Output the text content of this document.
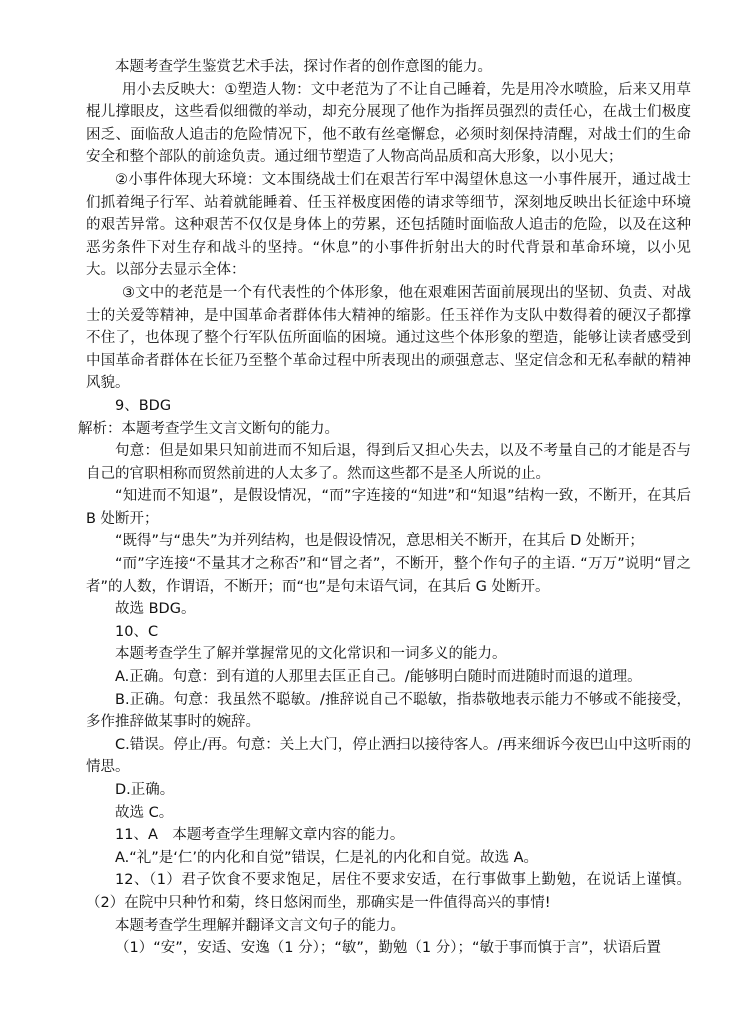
本题考查学生鉴赏艺术手法，探讨作者的创作意图的能力。

用小去反映大：①塑造人物：文中老范为了不让自己睡着，先是用冷水喷脸，后来又用草棍儿撑眼皮，这些看似细微的举动，却充分展现了他作为指挥员强烈的责任心，在战士们极度困乏、面临敌人追击的危险情况下，他不敢有丝毫懈怠，必须时刻保持清醒，对战士们的生命安全和整个部队的前途负责。通过细节塑造了人物高尚品质和高大形象，以小见大；

②小事件体现大环境：文本围绕战士们在艰苦行军中渴望休息这一小事件展开，通过战士们抓着绳子行军、站着就能睡着、任玉祥极度困倦的请求等细节，深刻地反映出长征途中环境的艰苦异常。这种艰苦不仅仅是身体上的劳累，还包括随时面临敌人追击的危险，以及在这种恶劣条件下对生存和战斗的坚持。“休息”的小事件折射出大的时代背景和革命环境，以小见大。以部分去显示全体：

③文中的老范是一个有代表性的个体形象，他在艰难困苦面前展现出的坚韧、负责、对战士的关爱等精神，是中国革命者群体伟大精神的缩影。任玉祥作为支队中数得着的硬汉子都撑不住了，也体现了整个行军队伍所面临的困境。通过这些个体形象的塑造，能够让读者感受到中国革命者群体在长征乃至整个革命过程中所表现出的顽强意志、坚定信念和无私奉献的精神风貌。

9、BDG

解析：本题考查学生文言文断句的能力。

句意：但是如果只知前进而不知后退，得到后又担心失去，以及不考量自己的才能是否与自己的官职相称而贸然前进的人太多了。然而这些都不是圣人所说的止。

“知进而不知退”，是假设情况，“而”字连接的“知进”和“知退”结构一致，不断开，在其后 B 处断开；

“既得”与“患失”为并列结构，也是假设情况，意思相关不断开，在其后 D 处断开；

“而”字连接“不量其才之称否”和“冒之者”，不断开，整个作句子的主语. “万万”说明“冒之者”的人数，作谓语，不断开；而“也”是句末语气词，在其后 G 处断开。

故选 BDG。

10、C

本题考查学生了解并掌握常见的文化常识和一词多义的能力。

A.正确。句意：到有道的人那里去匡正自己。/能够明白随时而进随时而退的道理。

B.正确。句意：我虽然不聪敏。/推辞说自己不聪敏，指恭敬地表示能力不够或不能接受，多作推辞做某事时的婉辞。

C.错误。停止/再。句意：关上大门，停止洒扫以接待客人。/再来细诉今夜巴山中这听雨的情思。

D.正确。

故选 C。

11、A　本题考查学生理解文章内容的能力。

A.“礼”是‘仁’的内化和自觉”错误，仁是礼的内化和自觉。故选 A。

12、（1）君子饮食不要求饱足，居住不要求安适，在行事做事上勤勉，在说话上谨慎。（2）在院中只种竹和菊，终日悠闲而坐，那确实是一件值得高兴的事情!

本题考查学生理解并翻译文言文句子的能力。

（1）“安”，安适、安逸（1 分）；“敏”，勤勉（1 分）；“敏于事而慎于言”，状语后置
